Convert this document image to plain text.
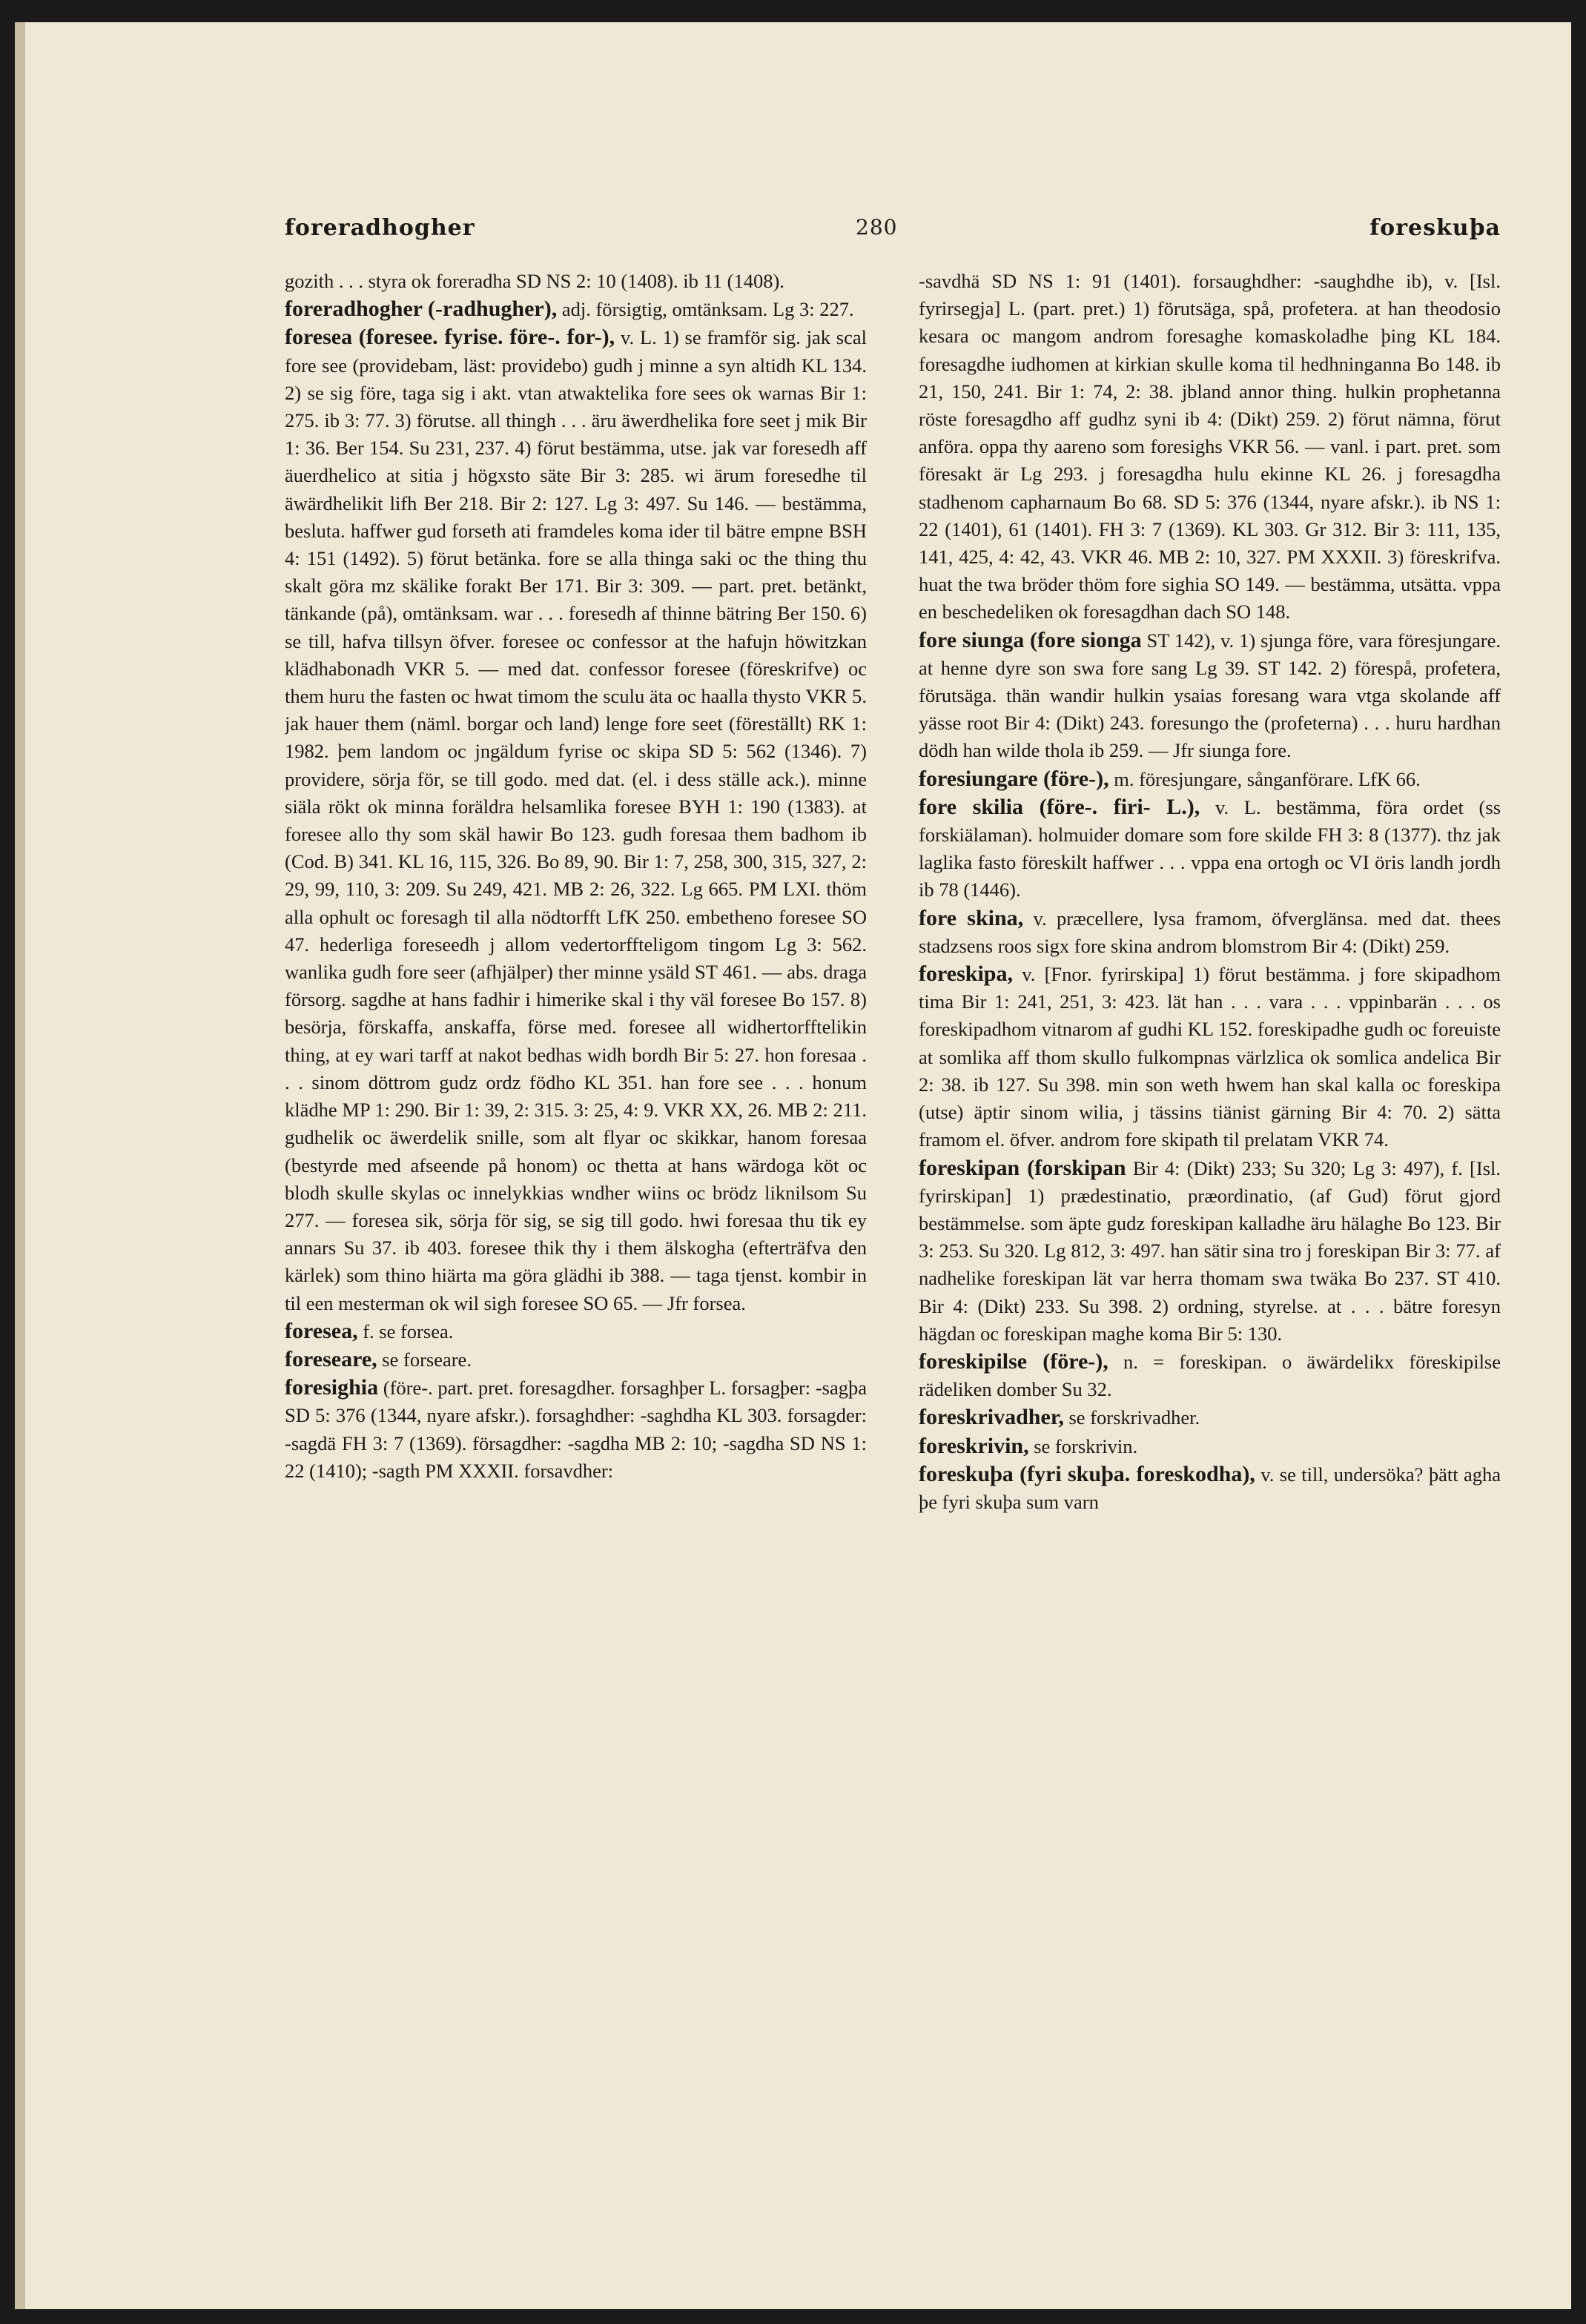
foreradhogher	280	foreskuþa

gozith . . . styra ok foreradha SD NS 2: 10 (1408). ib 11 (1408).

foreradhogher (-radhugher), adj. försigtig, omtänksam. Lg 3: 227.

foresea (foresee. fyrise. före-. for-), v. L. 1) se framför sig. jak scal fore see (providebam, läst: providebo) gudh j minne a syn altidh KL 134. 2) se sig före, taga sig i akt. vtan atwaktelika fore sees ok warnas Bir 1: 275. ib 3: 77. 3) förutse. all thingh . . . äru äwerdhelika fore seet j mik Bir 1: 36. Ber 154. Su 231, 237. 4) förut bestämma, utse. jak var foresedh aff äuerdhelico at sitia j högxsto säte Bir 3: 285. wi ärum foresedhe til äwärdhelikit lifh Ber 218. Bir 2: 127. Lg 3: 497. Su 146. — bestämma, besluta. haffwer gud forseth ati framdeles koma ider til bätre empne BSH 4: 151 (1492). 5) förut betänka. fore se alla thinga saki oc the thing thu skalt göra mz skälike forakt Ber 171. Bir 3: 309. — part. pret. betänkt, tänkande (på), omtänksam. war . . . foresedh af thinne bätring Ber 150. 6) se till, hafva tillsyn öfver. foresee oc confessor at the hafujn höwitzkan klädhabonadh VKR 5. — med dat. confessor foresee (föreskrifve) oc them huru the fasten oc hwat timom the sculu äta oc haalla thysto VKR 5. jak hauer them (näml. borgar och land) lenge fore seet (föreställt) RK 1: 1982. þem landom oc jngäldum fyrise oc skipa SD 5: 562 (1346). 7) providere, sörja för, se till godo. med dat. (el. i dess ställe ack.). minne siäla rökt ok minna foräldra helsamlika foresee BYH 1: 190 (1383). at foresee allo thy som skäl hawir Bo 123. gudh foresaa them badhom ib (Cod. B) 341. KL 16, 115, 326. Bo 89, 90. Bir 1: 7, 258, 300, 315, 327, 2: 29, 99, 110, 3: 209. Su 249, 421. MB 2: 26, 322. Lg 665. PM LXI. thöm alla ophult oc foresagh til alla nödtorfft LfK 250. embetheno foresee SO 47. hederliga foreseedh j allom vedertorffteligom tingom Lg 3: 562. wanlika gudh fore seer (afhjälper) ther minne ysäld ST 461. — abs. draga försorg. sagdhe at hans fadhir i himerike skal i thy väl foresee Bo 157. 8) besörja, förskaffa, anskaffa, förse med. foresee all widhertorfftelikin thing, at ey wari tarff at nakot bedhas widh bordh Bir 5: 27. hon foresaa . . . sinom döttrom gudz ordz födho KL 351. han fore see . . . honum klädhe MP 1: 290. Bir 1: 39, 2: 315. 3: 25, 4: 9. VKR XX, 26. MB 2: 211. gudhelik oc äwerdelik snille, som alt flyar oc skikkar, hanom foresaa (bestyrde med afseende på honom) oc thetta at hans wärdoga köt oc blodh skulle skylas oc innelykkias wndher wiins oc brödz liknilsom Su 277. — foresea sik, sörja för sig, se sig till godo. hwi foresaa thu tik ey annars Su 37. ib 403. foresee thik thy i them älskogha (efterträfva den kärlek) som thino hiärta ma göra glädhi ib 388. — taga tjenst. kombir in til een mesterman ok wil sigh foresee SO 65. — Jfr forsea.

foresea, f. se forsea.

foreseare, se forseare.

foresighia (före-. part. pret. foresagdher. forsaghþer L. forsagþer: -sagþa SD 5: 376 (1344, nyare afskr.). forsaghdher: -saghdha KL 303. forsagder: -sagdä FH 3: 7 (1369). försagdher: -sagdha MB 2: 10; -sagdha SD NS 1: 22 (1410); -sagth PM XXXII. forsavdher:

-savdhä SD NS 1: 91 (1401). forsaughdher: -saughdhe ib), v. [Isl. fyrirsegja] L. (part. pret.) 1) förutsäga, spå, profetera. at han theodosio kesara oc mangom androm foresaghe komaskoladhe þing KL 184. foresagdhe iudhomen at kirkian skulle koma til hedhninganna Bo 148. ib 21, 150, 241. Bir 1: 74, 2: 38. jbland annor thing. hulkin prophetanna röste foresagdho aff gudhz syni ib 4: (Dikt) 259. 2) förut nämna, förut anföra. oppa thy aareno som foresighs VKR 56. — vanl. i part. pret. som föresakt är Lg 293. j foresagdha hulu ekinne KL 26. j foresagdha stadhenom capharnaum Bo 68. SD 5: 376 (1344, nyare afskr.). ib NS 1: 22 (1401), 61 (1401). FH 3: 7 (1369). KL 303. Gr 312. Bir 3: 111, 135, 141, 425, 4: 42, 43. VKR 46. MB 2: 10, 327. PM XXXII. 3) föreskrifva. huat the twa bröder thöm fore sighia SO 149. — bestämma, utsätta. vppa en beschedeliken ok foresagdhan dach SO 148.

fore siunga (fore sionga ST 142), v. 1) sjunga före, vara föresjungare. at henne dyre son swa fore sang Lg 39. ST 142. 2) förespå, profetera, förutsäga. thän wandir hulkin ysaias foresang wara vtga skolande aff yässe root Bir 4: (Dikt) 243. foresungo the (profeterna) . . . huru hardhan dödh han wilde thola ib 259. — Jfr siunga fore.

foresiungare (före-), m. föresjungare, sånganförare. LfK 66.

fore skilia (före-. firi- L.), v. L. bestämma, föra ordet (ss forskiälaman). holmuider domare som fore skilde FH 3: 8 (1377). thz jak laglika fasto föreskilt haffwer . . . vppa ena ortogh oc VI öris landh jordh ib 78 (1446).

fore skina, v. præcellere, lysa framom, öfverglänsa. med dat. thees stadzsens roos sigx fore skina androm blomstrom Bir 4: (Dikt) 259.

foreskipa, v. [Fnor. fyrirskipa] 1) förut bestämma. j fore skipadhom tima Bir 1: 241, 251, 3: 423. lät han . . . vara . . . vppinbarän . . . os foreskipadhom vitnarom af gudhi KL 152. foreskipadhe gudh oc foreuiste at somlika aff thom skullo fulkompnas värlzlica ok somlica andelica Bir 2: 38. ib 127. Su 398. min son weth hwem han skal kalla oc foreskipa (utse) äptir sinom wilia, j tässins tiänist gärning Bir 4: 70. 2) sätta framom el. öfver. androm fore skipath til prelatam VKR 74.

foreskipan (forskipan Bir 4: (Dikt) 233; Su 320; Lg 3: 497), f. [Isl. fyrirskipan] 1) prædestinatio, præordinatio, (af Gud) förut gjord bestämmelse. som äpte gudz foreskipan kalladhe äru hälaghe Bo 123. Bir 3: 253. Su 320. Lg 812, 3: 497. han sätir sina tro j foreskipan Bir 3: 77. af nadhelike foreskipan lät var herra thomam swa twäka Bo 237. ST 410. Bir 4: (Dikt) 233. Su 398. 2) ordning, styrelse. at . . . bätre foresyn hägdan oc foreskipan maghe koma Bir 5: 130.

foreskipilse (före-), n. = foreskipan. o äwärdelikx föreskipilse rädeliken domber Su 32.

foreskrivadher, se forskrivadher.

foreskrivin, se forskrivin.

foreskuþa (fyri skuþa. foreskodha), v. se till, undersöka? þätt agha þe fyri skuþa sum varn
